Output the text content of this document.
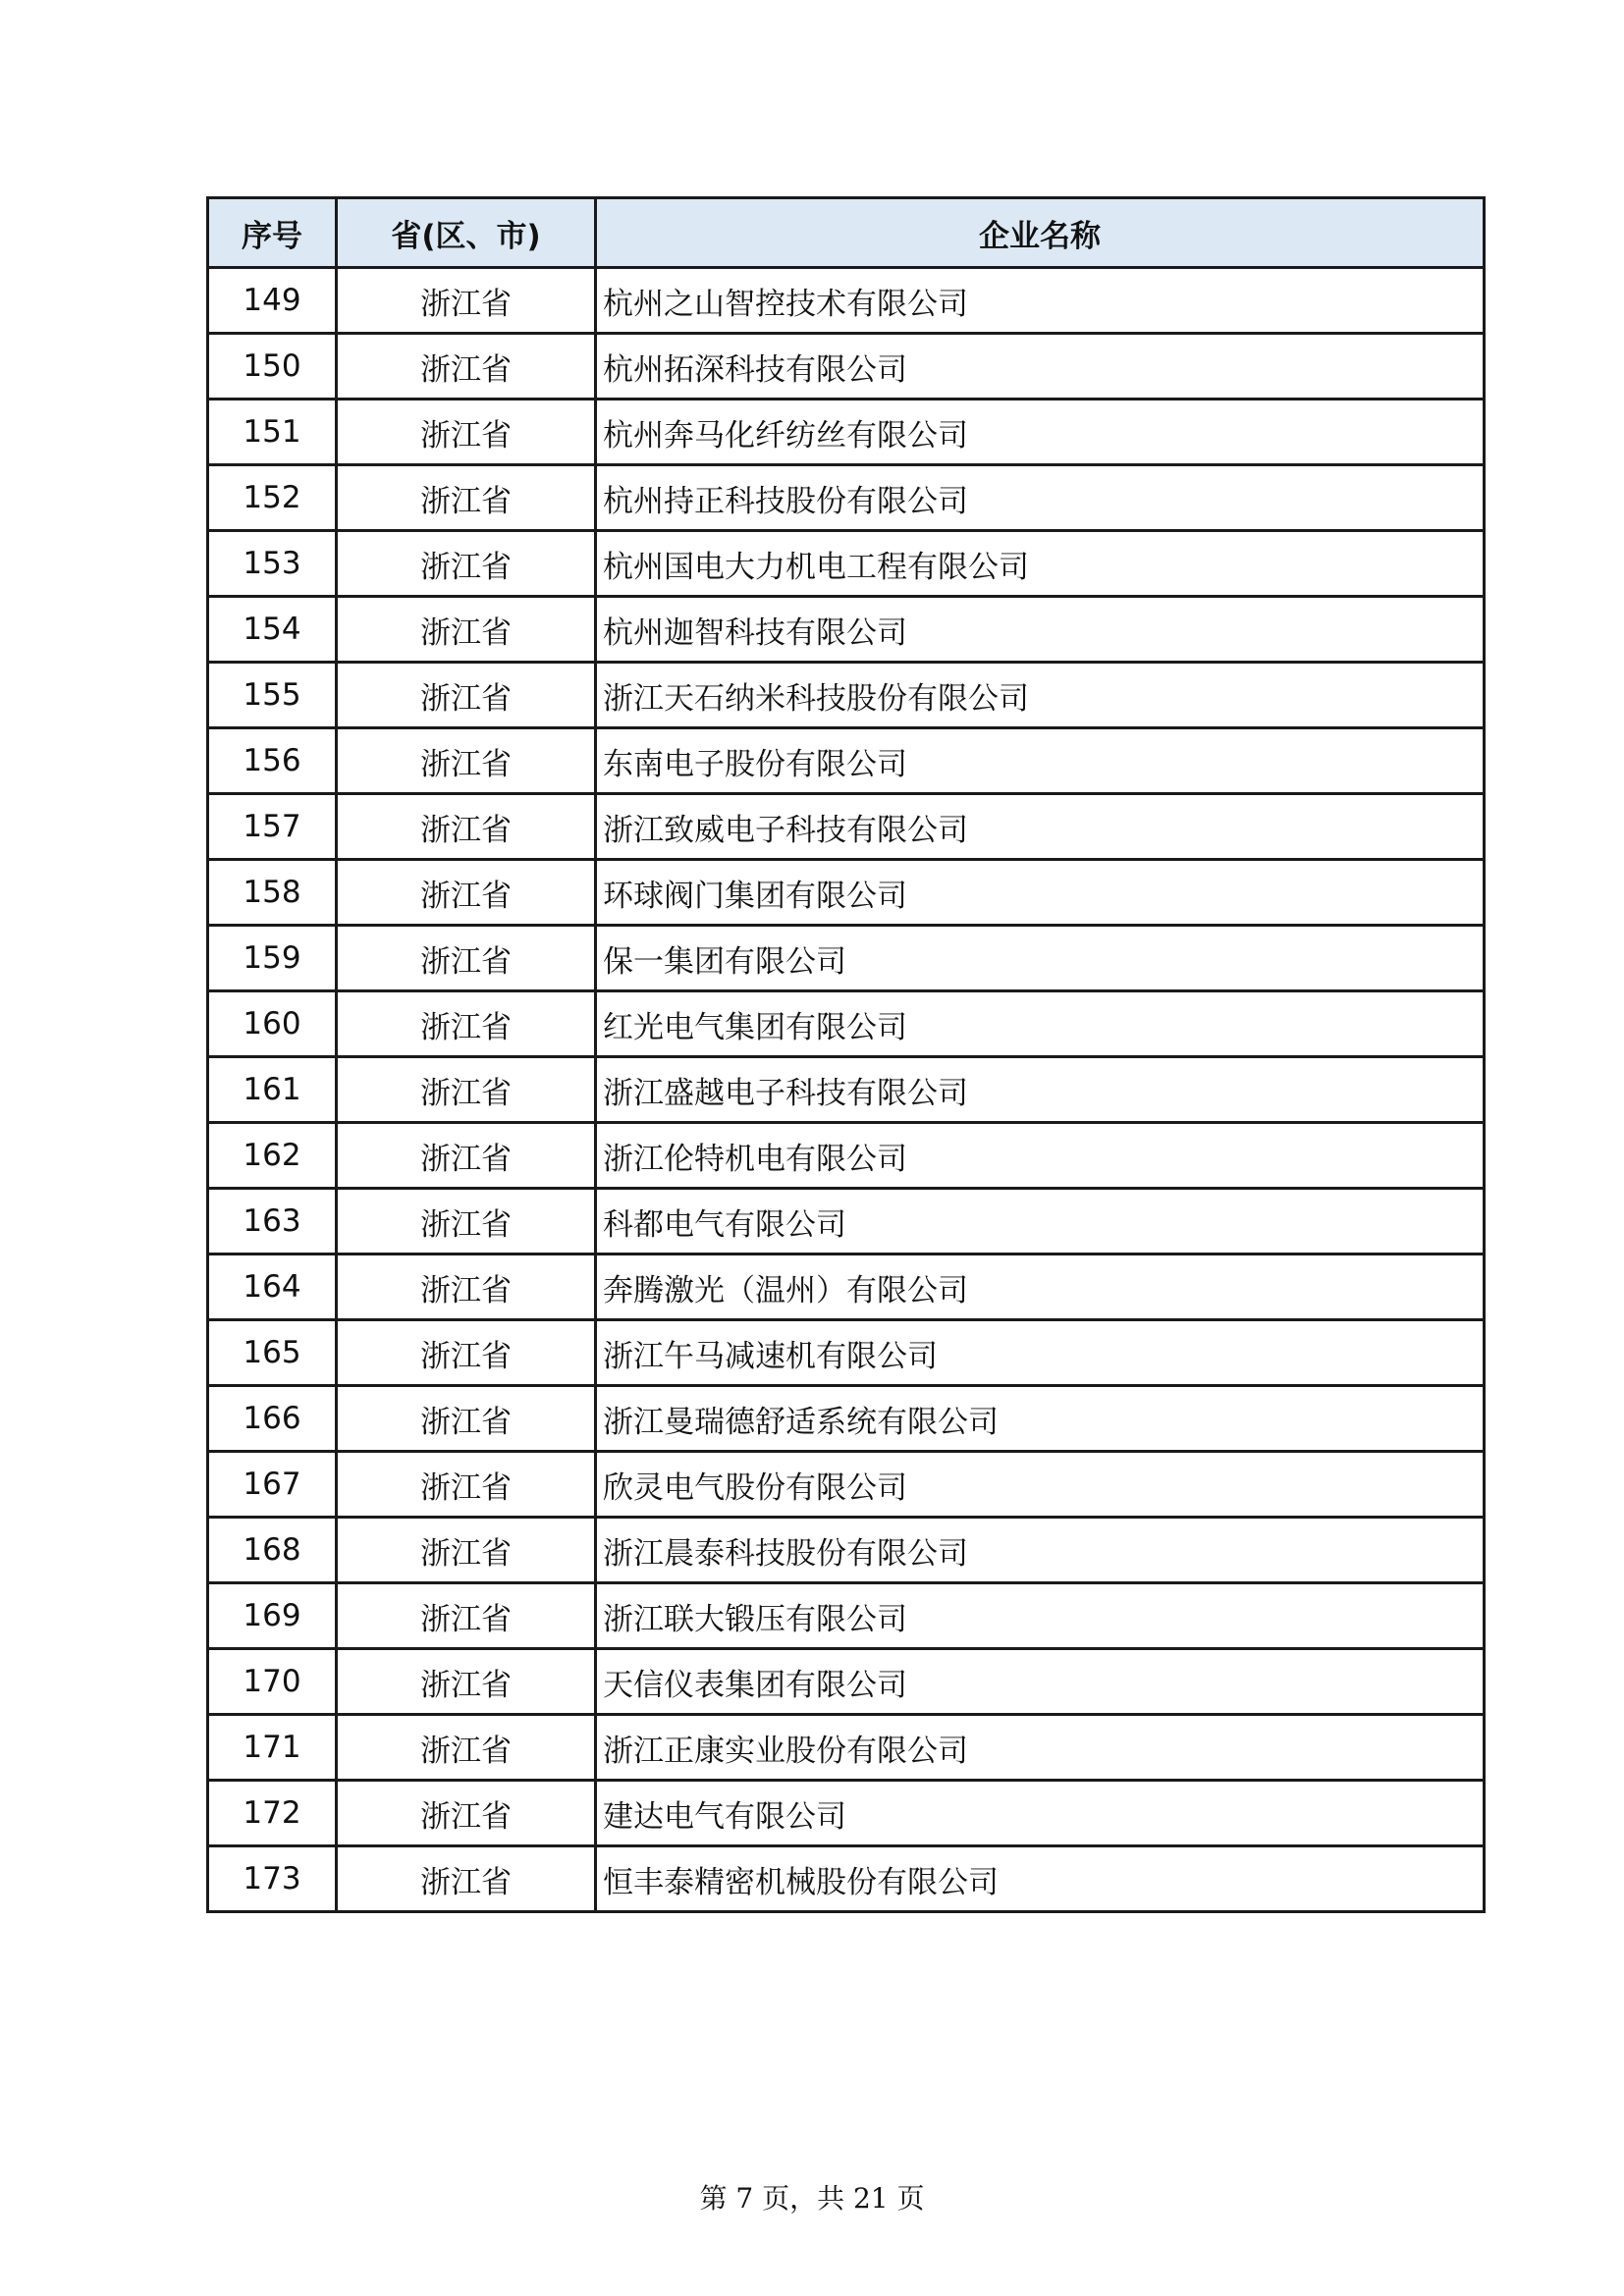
序号	省(区、市)	企业名称
149	浙江省	杭州之山智控技术有限公司
150	浙江省	杭州拓深科技有限公司
151	浙江省	杭州奔马化纤纺丝有限公司
152	浙江省	杭州持正科技股份有限公司
153	浙江省	杭州国电大力机电工程有限公司
154	浙江省	杭州迦智科技有限公司
155	浙江省	浙江天石纳米科技股份有限公司
156	浙江省	东南电子股份有限公司
157	浙江省	浙江致威电子科技有限公司
158	浙江省	环球阀门集团有限公司
159	浙江省	保一集团有限公司
160	浙江省	红光电气集团有限公司
161	浙江省	浙江盛越电子科技有限公司
162	浙江省	浙江伦特机电有限公司
163	浙江省	科都电气有限公司
164	浙江省	奔腾激光（温州）有限公司
165	浙江省	浙江午马减速机有限公司
166	浙江省	浙江曼瑞德舒适系统有限公司
167	浙江省	欣灵电气股份有限公司
168	浙江省	浙江晨泰科技股份有限公司
169	浙江省	浙江联大锻压有限公司
170	浙江省	天信仪表集团有限公司
171	浙江省	浙江正康实业股份有限公司
172	浙江省	建达电气有限公司
173	浙江省	恒丰泰精密机械股份有限公司
第 7 页，共 21 页
